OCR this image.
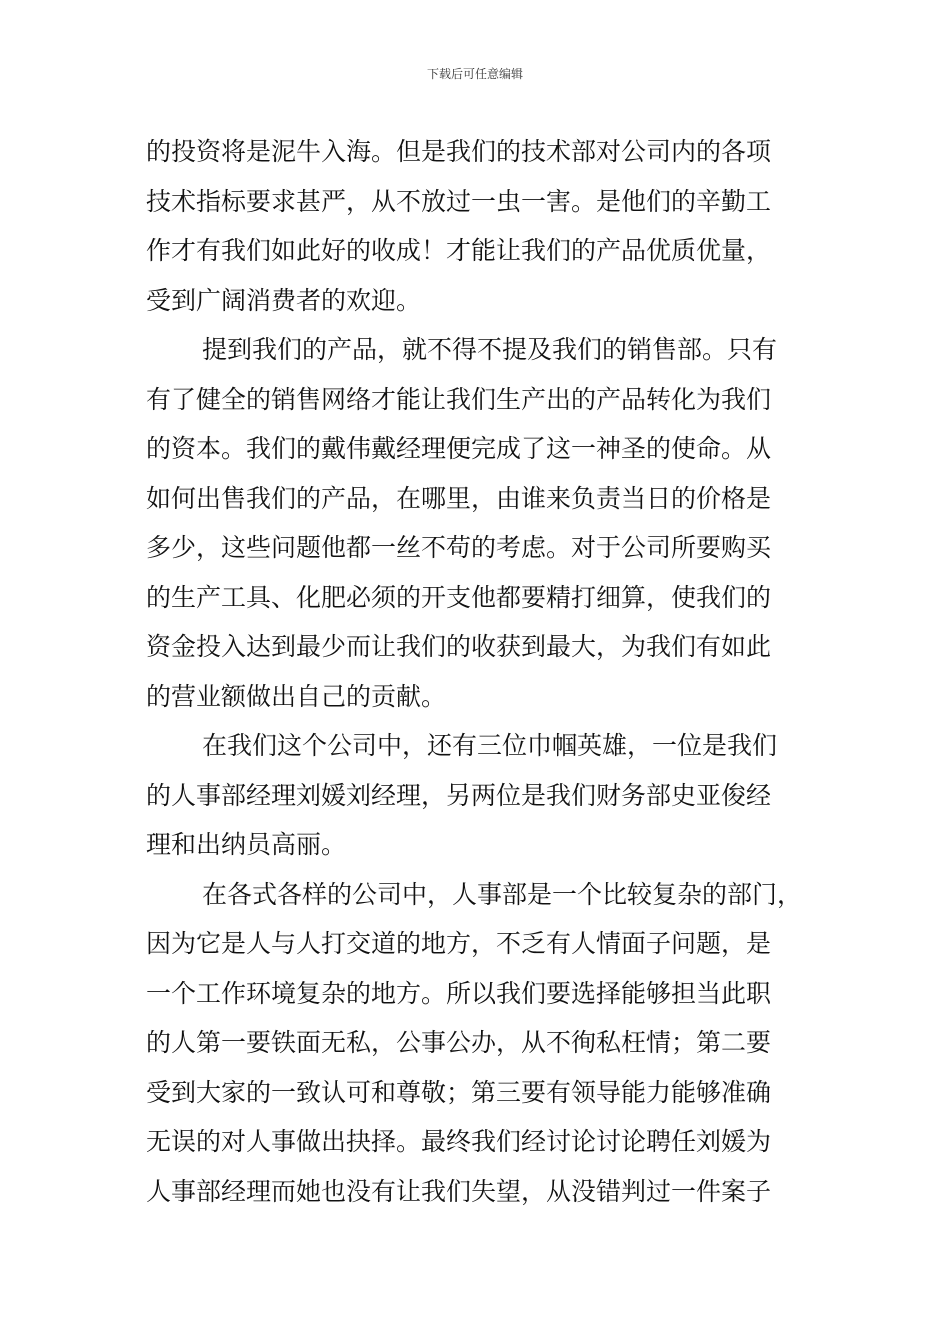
下载后可任意编辑
的投资将是泥牛入海。但是我们的技术部对公司内的各项
技术指标要求甚严，从不放过一虫一害。是他们的辛勤工
作才有我们如此好的收成！才能让我们的产品优质优量，
受到广阔消费者的欢迎。
提到我们的产品，就不得不提及我们的销售部。只有
有了健全的销售网络才能让我们生产出的产品转化为我们
的资本。我们的戴伟戴经理便完成了这一神圣的使命。从
如何出售我们的产品，在哪里，由谁来负责当日的价格是
多少，这些问题他都一丝不苟的考虑。对于公司所要购买
的生产工具、化肥必须的开支他都要精打细算，使我们的
资金投入达到最少而让我们的收获到最大，为我们有如此
的营业额做出自己的贡献。
在我们这个公司中，还有三位巾帼英雄，一位是我们
的人事部经理刘媛刘经理，另两位是我们财务部史亚俊经
理和出纳员高丽。
在各式各样的公司中，人事部是一个比较复杂的部门，
因为它是人与人打交道的地方，不乏有人情面子问题，是
一个工作环境复杂的地方。所以我们要选择能够担当此职
的人第一要铁面无私，公事公办，从不徇私枉情；第二要
受到大家的一致认可和尊敬；第三要有领导能力能够准确
无误的对人事做出抉择。最终我们经讨论讨论聘任刘媛为
人事部经理而她也没有让我们失望，从没错判过一件案子
